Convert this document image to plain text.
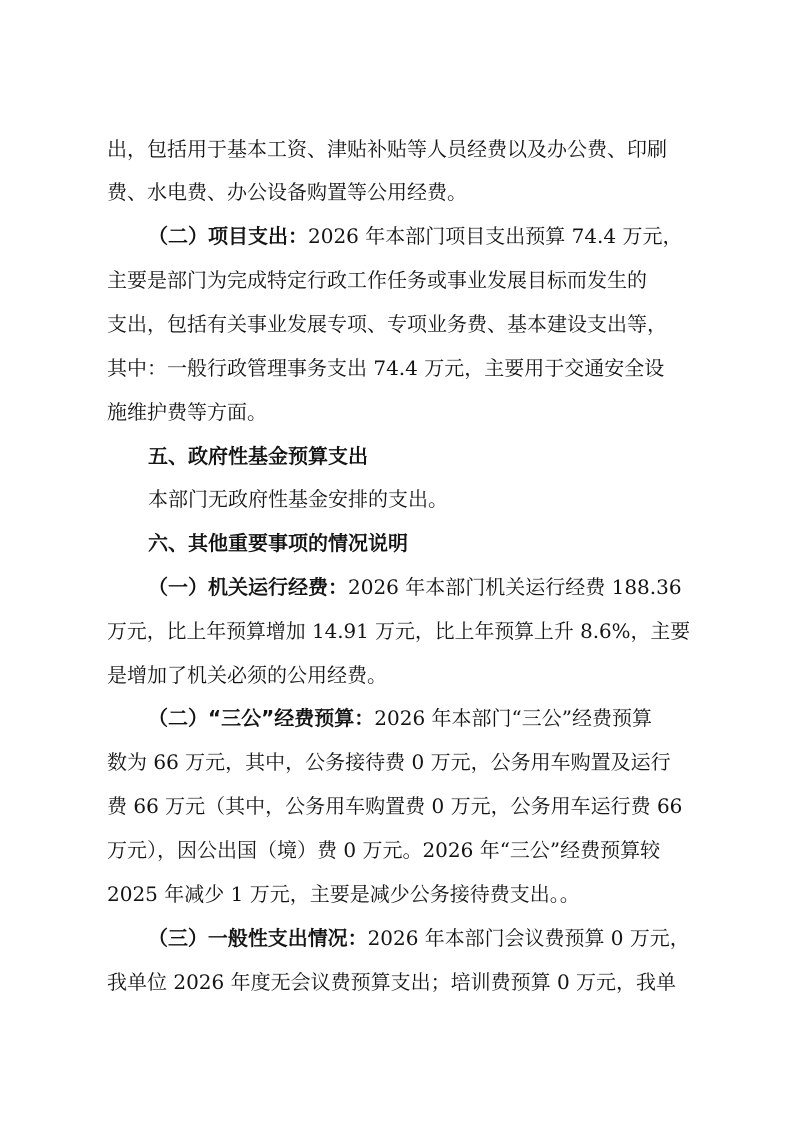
出，包括用于基本工资、津贴补贴等人员经费以及办公费、印刷
费、水电费、办公设备购置等公用经费。
（二）项目支出：2026 年本部门项目支出预算 74.4 万元，
主要是部门为完成特定行政工作任务或事业发展目标而发生的
支出，包括有关事业发展专项、专项业务费、基本建设支出等，
其中：一般行政管理事务支出 74.4 万元，主要用于交通安全设
施维护费等方面。
五、政府性基金预算支出
本部门无政府性基金安排的支出。
六、其他重要事项的情况说明
（一）机关运行经费：2026 年本部门机关运行经费 188.36
万元，比上年预算增加 14.91 万元，比上年预算上升 8.6%，主要
是增加了机关必须的公用经费。
（二）“三公”经费预算：2026 年本部门“三公”经费预算
数为 66 万元，其中，公务接待费 0 万元，公务用车购置及运行
费 66 万元（其中，公务用车购置费 0 万元，公务用车运行费 66
万元），因公出国（境）费 0 万元。2026 年“三公”经费预算较
2025 年减少 1 万元，主要是减少公务接待费支出。。
（三）一般性支出情况：2026 年本部门会议费预算 0 万元，
我单位 2026 年度无会议费预算支出；培训费预算 0 万元，我单
